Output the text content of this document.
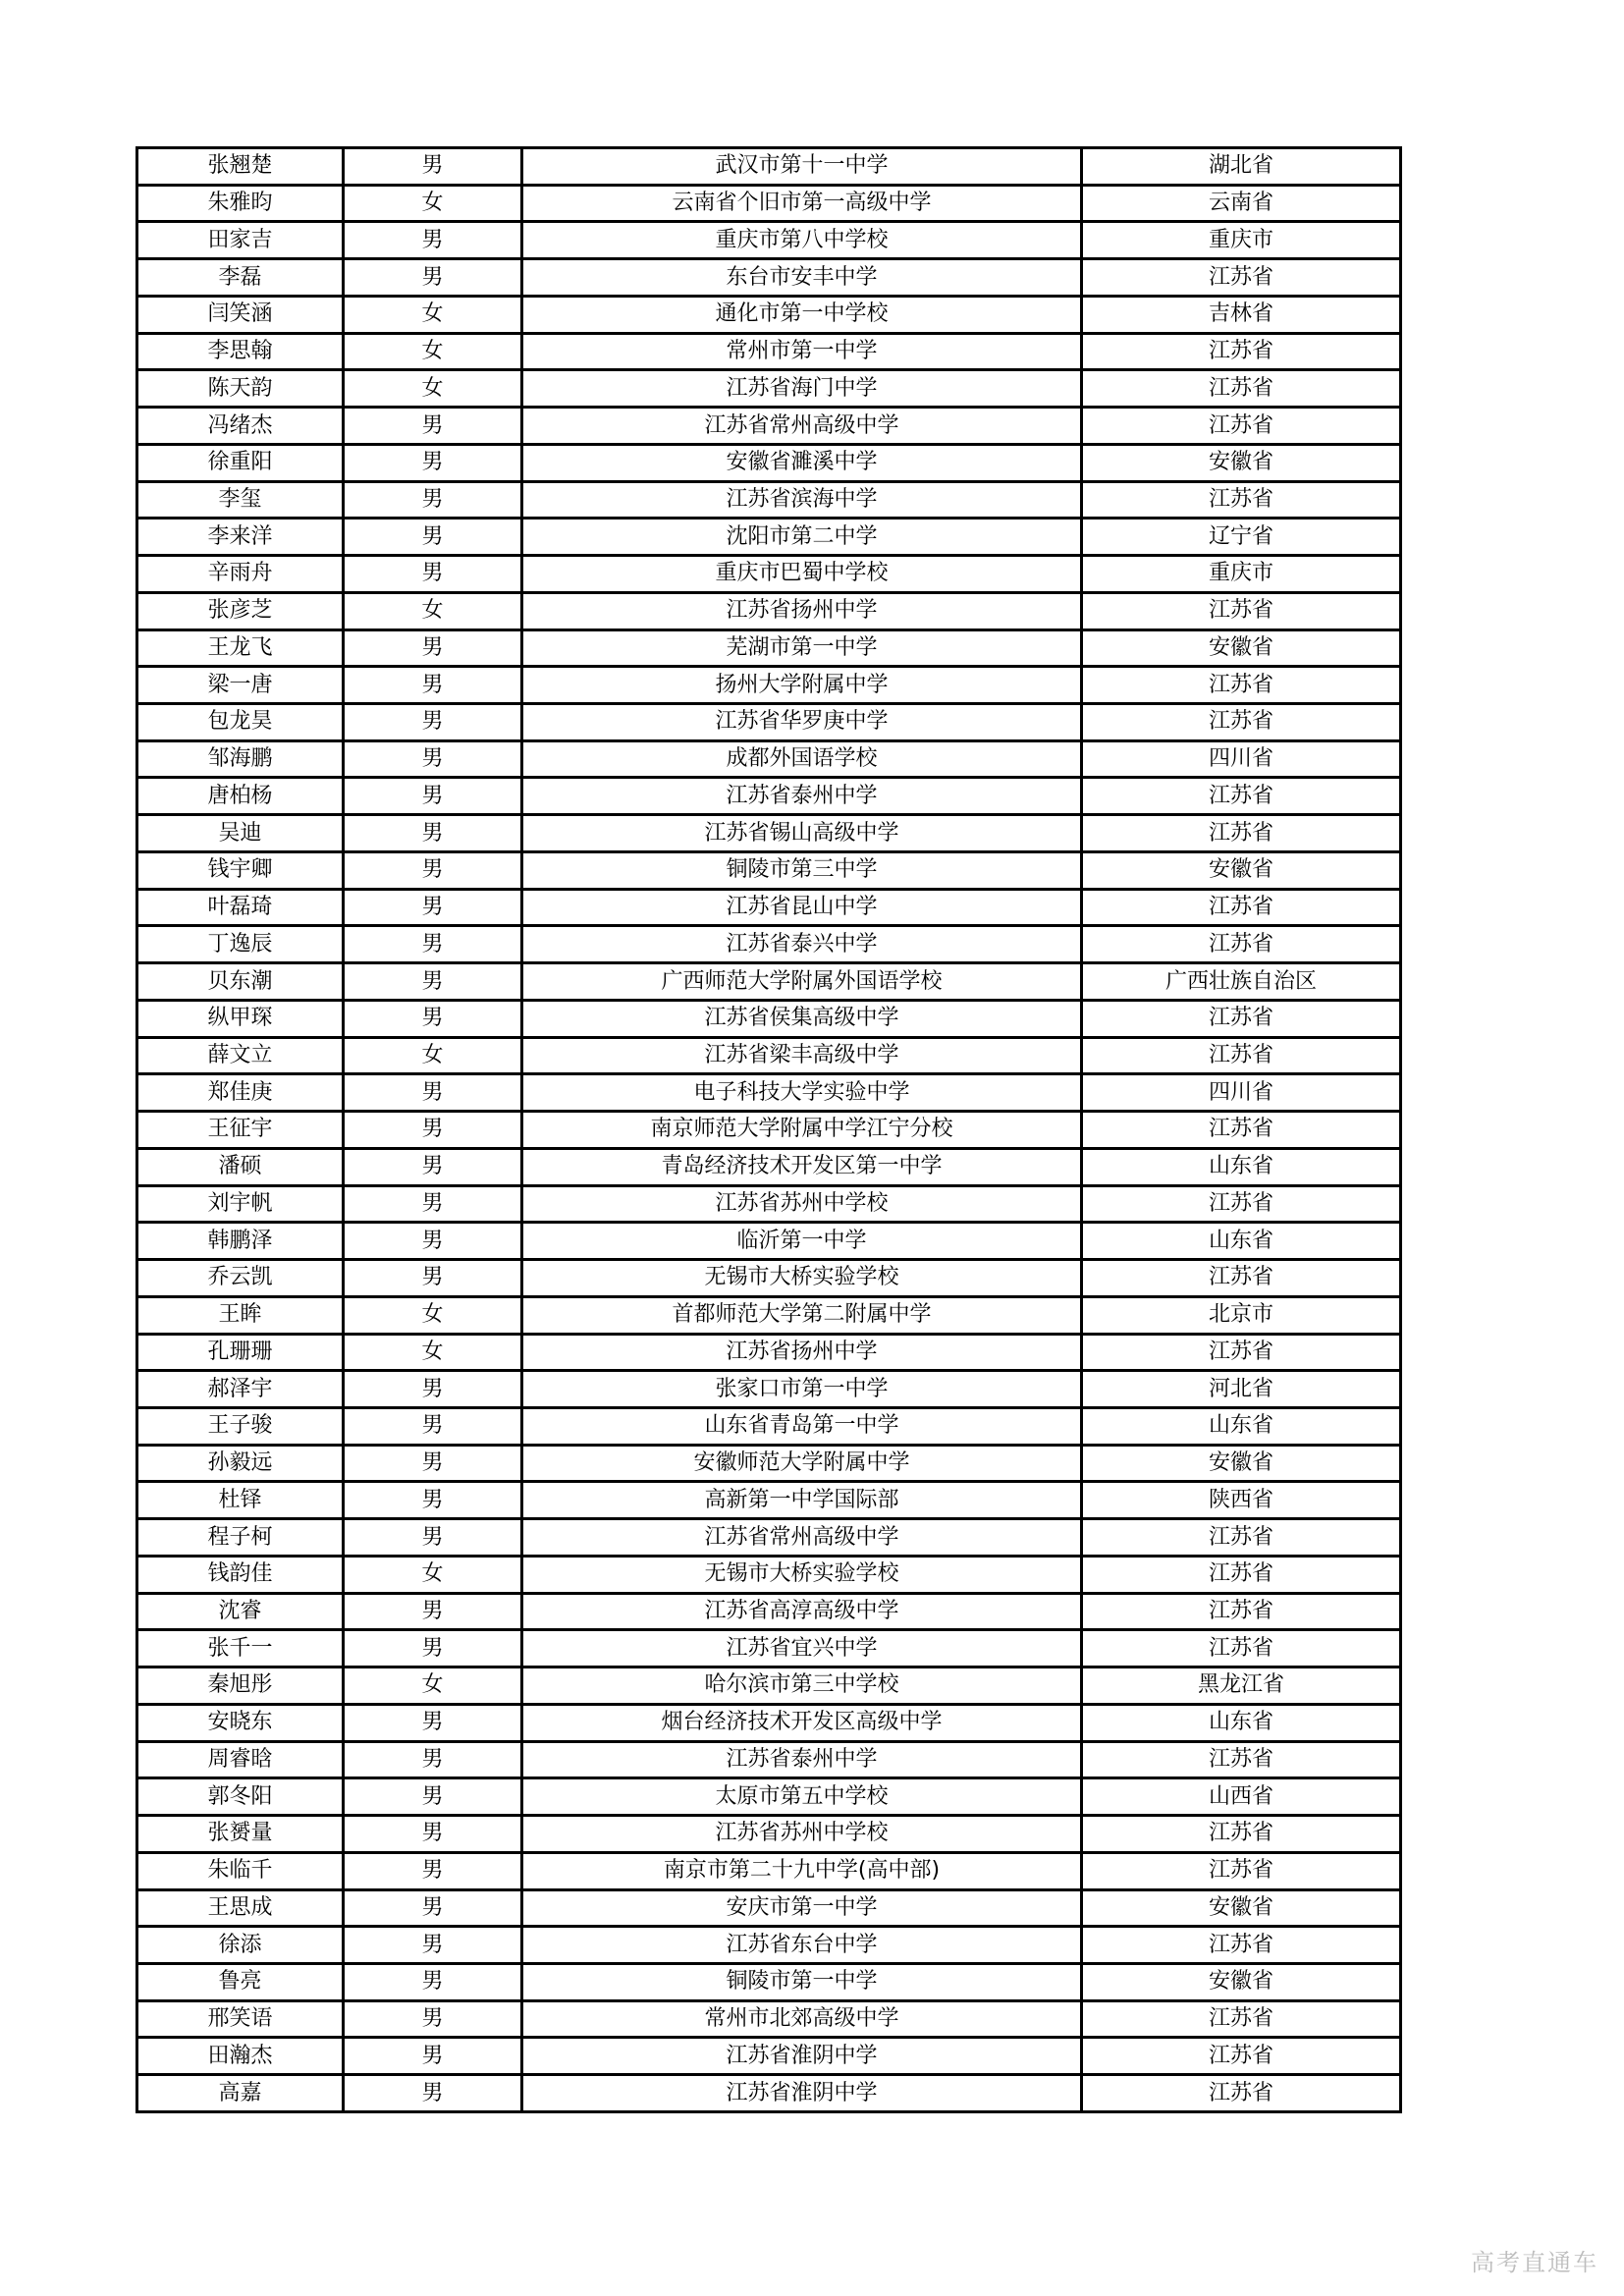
张翘楚	男	武汉市第十一中学	湖北省
朱雅昀	女	云南省个旧市第一高级中学	云南省
田家吉	男	重庆市第八中学校	重庆市
李磊	男	东台市安丰中学	江苏省
闫笑涵	女	通化市第一中学校	吉林省
李思翰	女	常州市第一中学	江苏省
陈天韵	女	江苏省海门中学	江苏省
冯绪杰	男	江苏省常州高级中学	江苏省
徐重阳	男	安徽省濉溪中学	安徽省
李玺	男	江苏省滨海中学	江苏省
李来洋	男	沈阳市第二中学	辽宁省
辛雨舟	男	重庆市巴蜀中学校	重庆市
张彦芝	女	江苏省扬州中学	江苏省
王龙飞	男	芜湖市第一中学	安徽省
梁一唐	男	扬州大学附属中学	江苏省
包龙昊	男	江苏省华罗庚中学	江苏省
邹海鹏	男	成都外国语学校	四川省
唐柏杨	男	江苏省泰州中学	江苏省
吴迪	男	江苏省锡山高级中学	江苏省
钱宇卿	男	铜陵市第三中学	安徽省
叶磊琦	男	江苏省昆山中学	江苏省
丁逸辰	男	江苏省泰兴中学	江苏省
贝东潮	男	广西师范大学附属外国语学校	广西壮族自治区
纵甲琛	男	江苏省侯集高级中学	江苏省
薛文立	女	江苏省梁丰高级中学	江苏省
郑佳庚	男	电子科技大学实验中学	四川省
王征宇	男	南京师范大学附属中学江宁分校	江苏省
潘硕	男	青岛经济技术开发区第一中学	山东省
刘宇帆	男	江苏省苏州中学校	江苏省
韩鹏泽	男	临沂第一中学	山东省
乔云凯	男	无锡市大桥实验学校	江苏省
王眸	女	首都师范大学第二附属中学	北京市
孔珊珊	女	江苏省扬州中学	江苏省
郝泽宇	男	张家口市第一中学	河北省
王子骏	男	山东省青岛第一中学	山东省
孙毅远	男	安徽师范大学附属中学	安徽省
杜铎	男	高新第一中学国际部	陕西省
程子柯	男	江苏省常州高级中学	江苏省
钱韵佳	女	无锡市大桥实验学校	江苏省
沈睿	男	江苏省高淳高级中学	江苏省
张千一	男	江苏省宜兴中学	江苏省
秦旭彤	女	哈尔滨市第三中学校	黑龙江省
安晓东	男	烟台经济技术开发区高级中学	山东省
周睿晗	男	江苏省泰州中学	江苏省
郭冬阳	男	太原市第五中学校	山西省
张赟量	男	江苏省苏州中学校	江苏省
朱临千	男	南京市第二十九中学(高中部)	江苏省
王思成	男	安庆市第一中学	安徽省
徐添	男	江苏省东台中学	江苏省
鲁亮	男	铜陵市第一中学	安徽省
邢笑语	男	常州市北郊高级中学	江苏省
田瀚杰	男	江苏省淮阴中学	江苏省
高嘉	男	江苏省淮阴中学	江苏省
高考直通车
